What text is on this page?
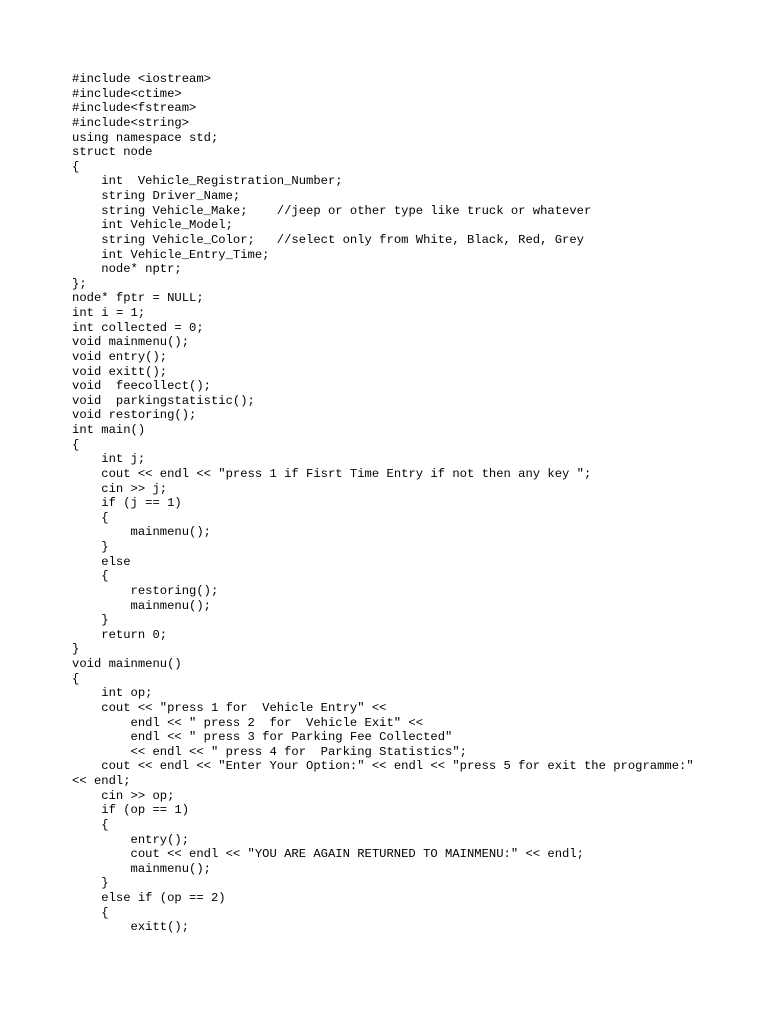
#include <iostream>
#include<ctime>
#include<fstream>
#include<string>
using namespace std;
struct node
{
int  Vehicle_Registration_Number;
string Driver_Name;
string Vehicle_Make;    //jeep or other type like truck or whatever
int Vehicle_Model;
string Vehicle_Color;   //select only from White, Black, Red, Grey
int Vehicle_Entry_Time;
node* nptr;
};
node* fptr = NULL;
int i = 1;
int collected = 0;
void mainmenu();
void entry();
void exitt();
void  feecollect();
void  parkingstatistic();
void restoring();
int main()
{
int j;
cout << endl << "press 1 if Fisrt Time Entry if not then any key ";
cin >> j;
if (j == 1)
{
mainmenu();
}
else
{
restoring();
mainmenu();
}
return 0;
}
void mainmenu()
{
int op;
cout << "press 1 for  Vehicle Entry" <<
endl << " press 2  for  Vehicle Exit" <<
endl << " press 3 for Parking Fee Collected"
<< endl << " press 4 for  Parking Statistics";
cout << endl << "Enter Your Option:" << endl << "press 5 for exit the programme:" << endl;
cin >> op;
if (op == 1)
{
entry();
cout << endl << "YOU ARE AGAIN RETURNED TO MAINMENU:" << endl;
mainmenu();
}
else if (op == 2)
{
exitt();
